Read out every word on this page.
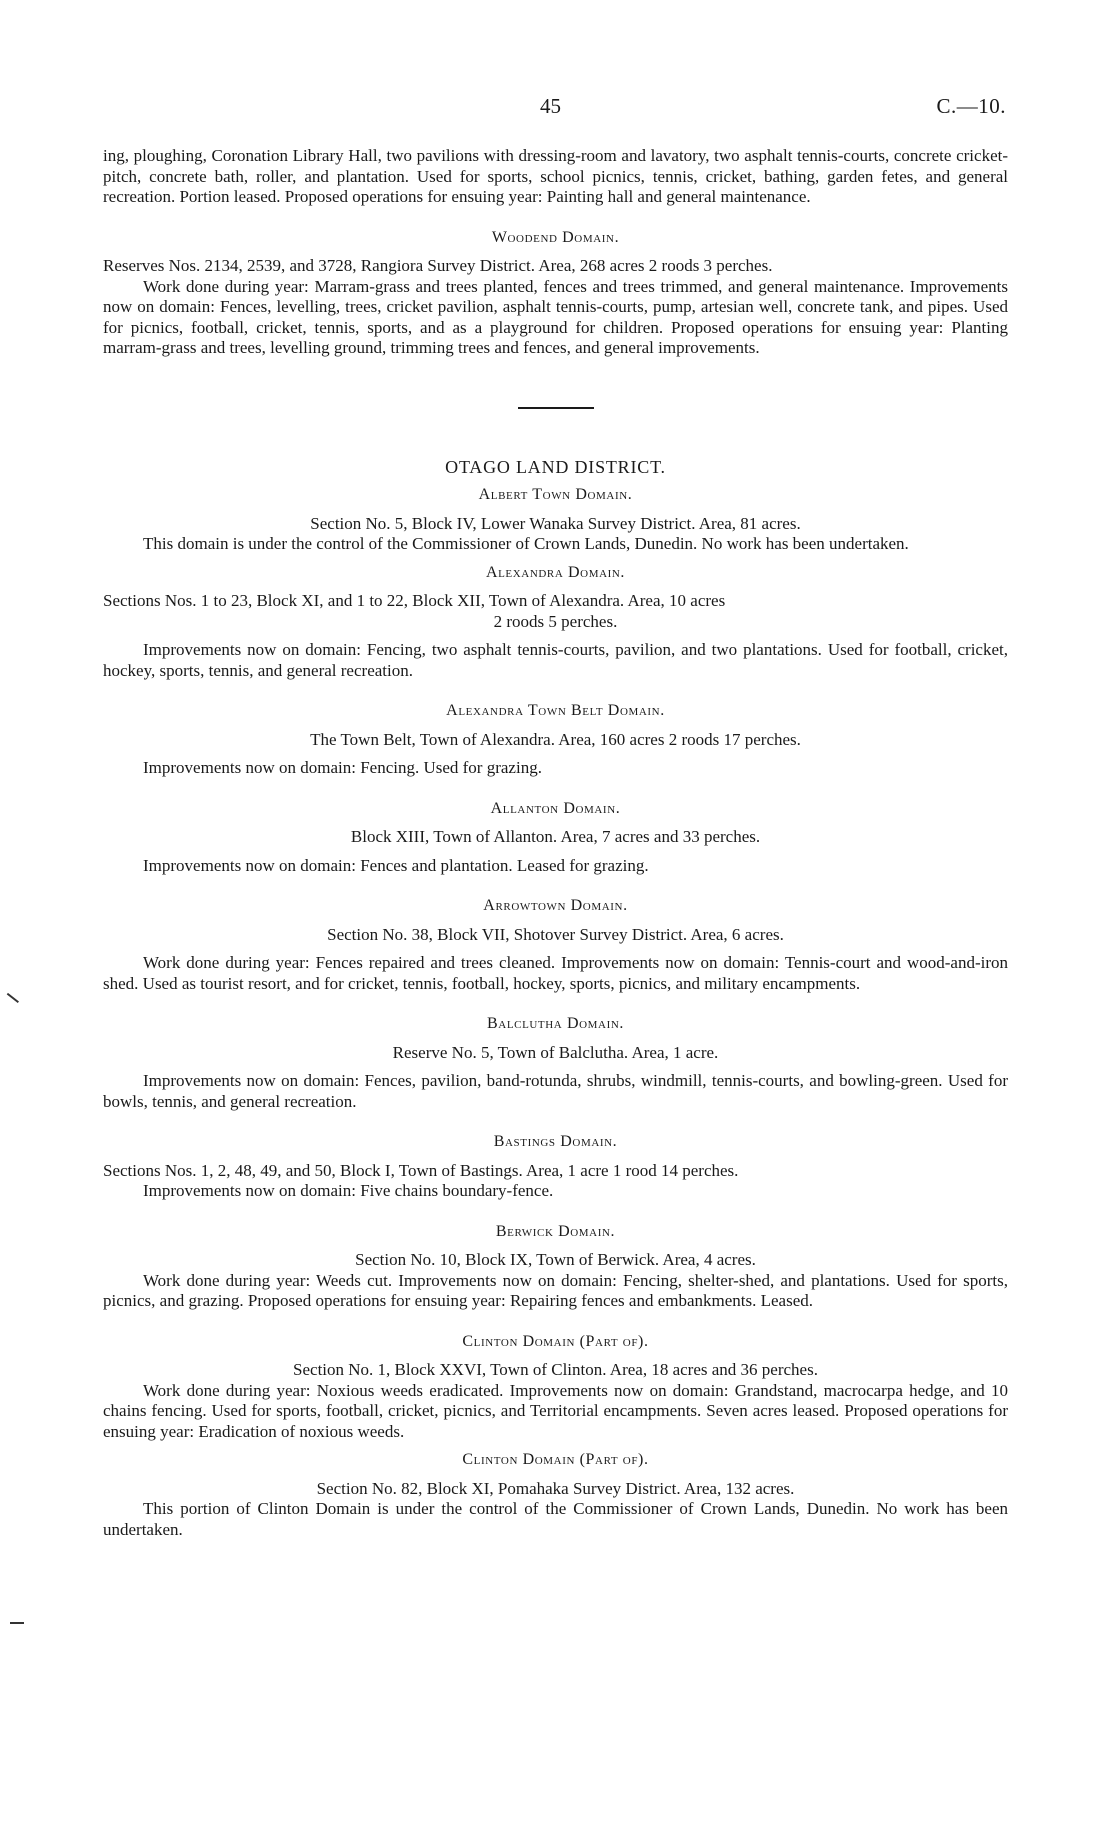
45	C.—10.

ing, ploughing, Coronation Library Hall, two pavilions with dressing-room and lavatory, two asphalt tennis-courts, concrete cricket-pitch, concrete bath, roller, and plantation. Used for sports, school picnics, tennis, cricket, bathing, garden fetes, and general recreation. Portion leased. Proposed operations for ensuing year: Painting hall and general maintenance.

Woodend Domain.

Reserves Nos. 2134, 2539, and 3728, Rangiora Survey District. Area, 268 acres 2 roods 3 perches.

Work done during year: Marram-grass and trees planted, fences and trees trimmed, and general maintenance. Improvements now on domain: Fences, levelling, trees, cricket pavilion, asphalt tennis-courts, pump, artesian well, concrete tank, and pipes. Used for picnics, football, cricket, tennis, sports, and as a playground for children. Proposed operations for ensuing year: Planting marram-grass and trees, levelling ground, trimming trees and fences, and general improvements.

OTAGO LAND DISTRICT.

Albert Town Domain.

Section No. 5, Block IV, Lower Wanaka Survey District. Area, 81 acres.

This domain is under the control of the Commissioner of Crown Lands, Dunedin. No work has been undertaken.

Alexandra Domain.

Sections Nos. 1 to 23, Block XI, and 1 to 22, Block XII, Town of Alexandra. Area, 10 acres

2 roods 5 perches.

Improvements now on domain: Fencing, two asphalt tennis-courts, pavilion, and two plantations. Used for football, cricket, hockey, sports, tennis, and general recreation.

Alexandra Town Belt Domain.

The Town Belt, Town of Alexandra. Area, 160 acres 2 roods 17 perches.

Improvements now on domain: Fencing. Used for grazing.

Allanton Domain.

Block XIII, Town of Allanton. Area, 7 acres and 33 perches.

Improvements now on domain: Fences and plantation. Leased for grazing.

Arrowtown Domain.

Section No. 38, Block VII, Shotover Survey District. Area, 6 acres.

Work done during year: Fences repaired and trees cleaned. Improvements now on domain: Tennis-court and wood-and-iron shed. Used as tourist resort, and for cricket, tennis, football, hockey, sports, picnics, and military encampments.

Balclutha Domain.

Reserve No. 5, Town of Balclutha. Area, 1 acre.

Improvements now on domain: Fences, pavilion, band-rotunda, shrubs, windmill, tennis-courts, and bowling-green. Used for bowls, tennis, and general recreation.

Bastings Domain.

Sections Nos. 1, 2, 48, 49, and 50, Block I, Town of Bastings. Area, 1 acre 1 rood 14 perches.

Improvements now on domain: Five chains boundary-fence.

Berwick Domain.

Section No. 10, Block IX, Town of Berwick. Area, 4 acres.

Work done during year: Weeds cut. Improvements now on domain: Fencing, shelter-shed, and plantations. Used for sports, picnics, and grazing. Proposed operations for ensuing year: Repairing fences and embankments. Leased.

Clinton Domain (Part of).

Section No. 1, Block XXVI, Town of Clinton. Area, 18 acres and 36 perches.

Work done during year: Noxious weeds eradicated. Improvements now on domain: Grandstand, macrocarpa hedge, and 10 chains fencing. Used for sports, football, cricket, picnics, and Territorial encampments. Seven acres leased. Proposed operations for ensuing year: Eradication of noxious weeds.

Clinton Domain (Part of).

Section No. 82, Block XI, Pomahaka Survey District. Area, 132 acres.

This portion of Clinton Domain is under the control of the Commissioner of Crown Lands, Dunedin. No work has been undertaken.
